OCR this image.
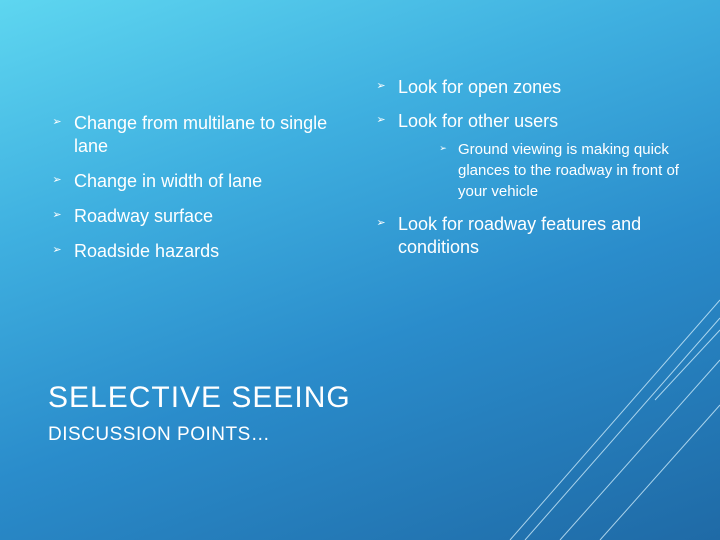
➢ Change from multilane to single lane
➢ Change in width of lane
➢ Roadway surface
➢ Roadside hazards
➢ Look for open zones
➢ Look for other users
➢ Ground viewing is making quick glances to the roadway in front of your vehicle
➢ Look for roadway features and conditions
SELECTIVE SEEING
DISCUSSION POINTS…
